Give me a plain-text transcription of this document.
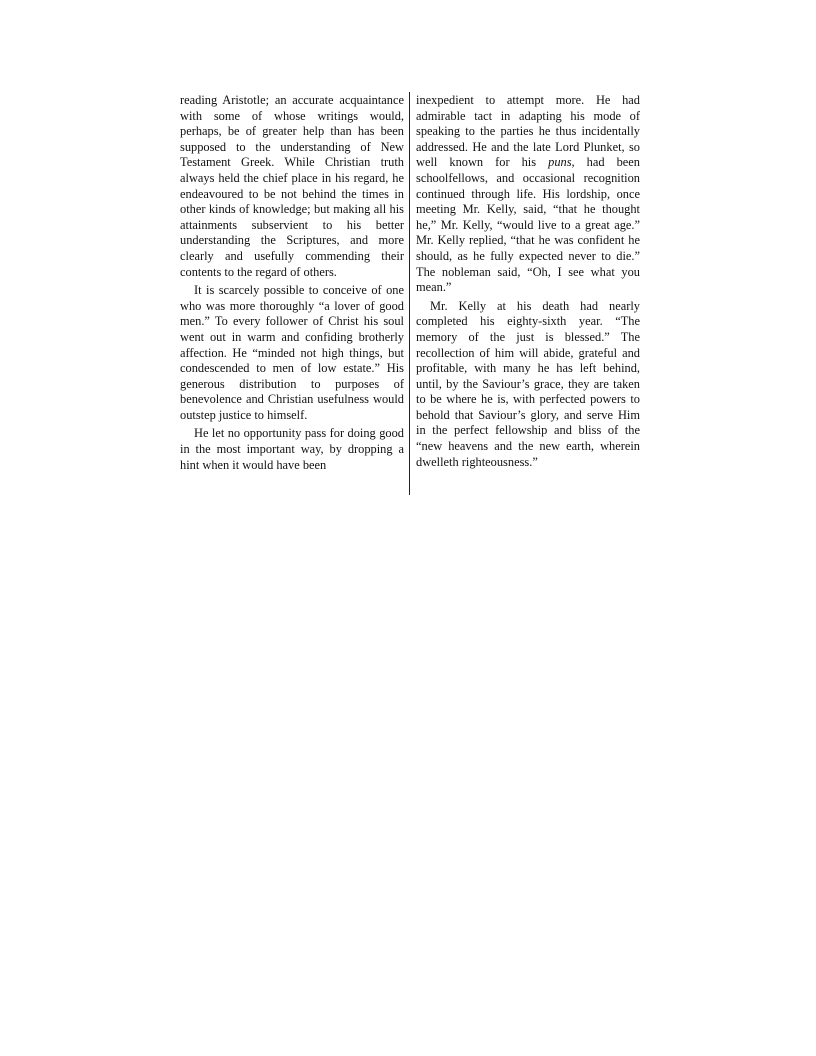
reading Aristotle; an accurate acquaintance with some of whose writings would, perhaps, be of greater help than has been supposed to the understanding of New Testament Greek. While Christian truth always held the chief place in his regard, he endeavoured to be not behind the times in other kinds of knowledge; but making all his attainments subservient to his better understanding the Scriptures, and more clearly and usefully commending their contents to the regard of others.

It is scarcely possible to conceive of one who was more thoroughly “a lover of good men.” To every follower of Christ his soul went out in warm and confiding brotherly affection. He “minded not high things, but condescended to men of low estate.” His generous distribution to purposes of benevolence and Christian usefulness would outstep justice to himself.

He let no opportunity pass for doing good in the most important way, by dropping a hint when it would have been

inexpedient to attempt more. He had admirable tact in adapting his mode of speaking to the parties he thus incidentally addressed. He and the late Lord Plunket, so well known for his puns, had been schoolfellows, and occasional recognition continued through life. His lordship, once meeting Mr. Kelly, said, “that he thought he,” Mr. Kelly, “would live to a great age.” Mr. Kelly replied, “that he was confident he should, as he fully expected never to die.” The nobleman said, “Oh, I see what you mean.”

Mr. Kelly at his death had nearly completed his eighty-sixth year. “The memory of the just is blessed.” The recollection of him will abide, grateful and profitable, with many he has left behind, until, by the Saviour’s grace, they are taken to be where he is, with perfected powers to behold that Saviour’s glory, and serve Him in the perfect fellowship and bliss of the “new heavens and the new earth, wherein dwelleth righteousness.”
